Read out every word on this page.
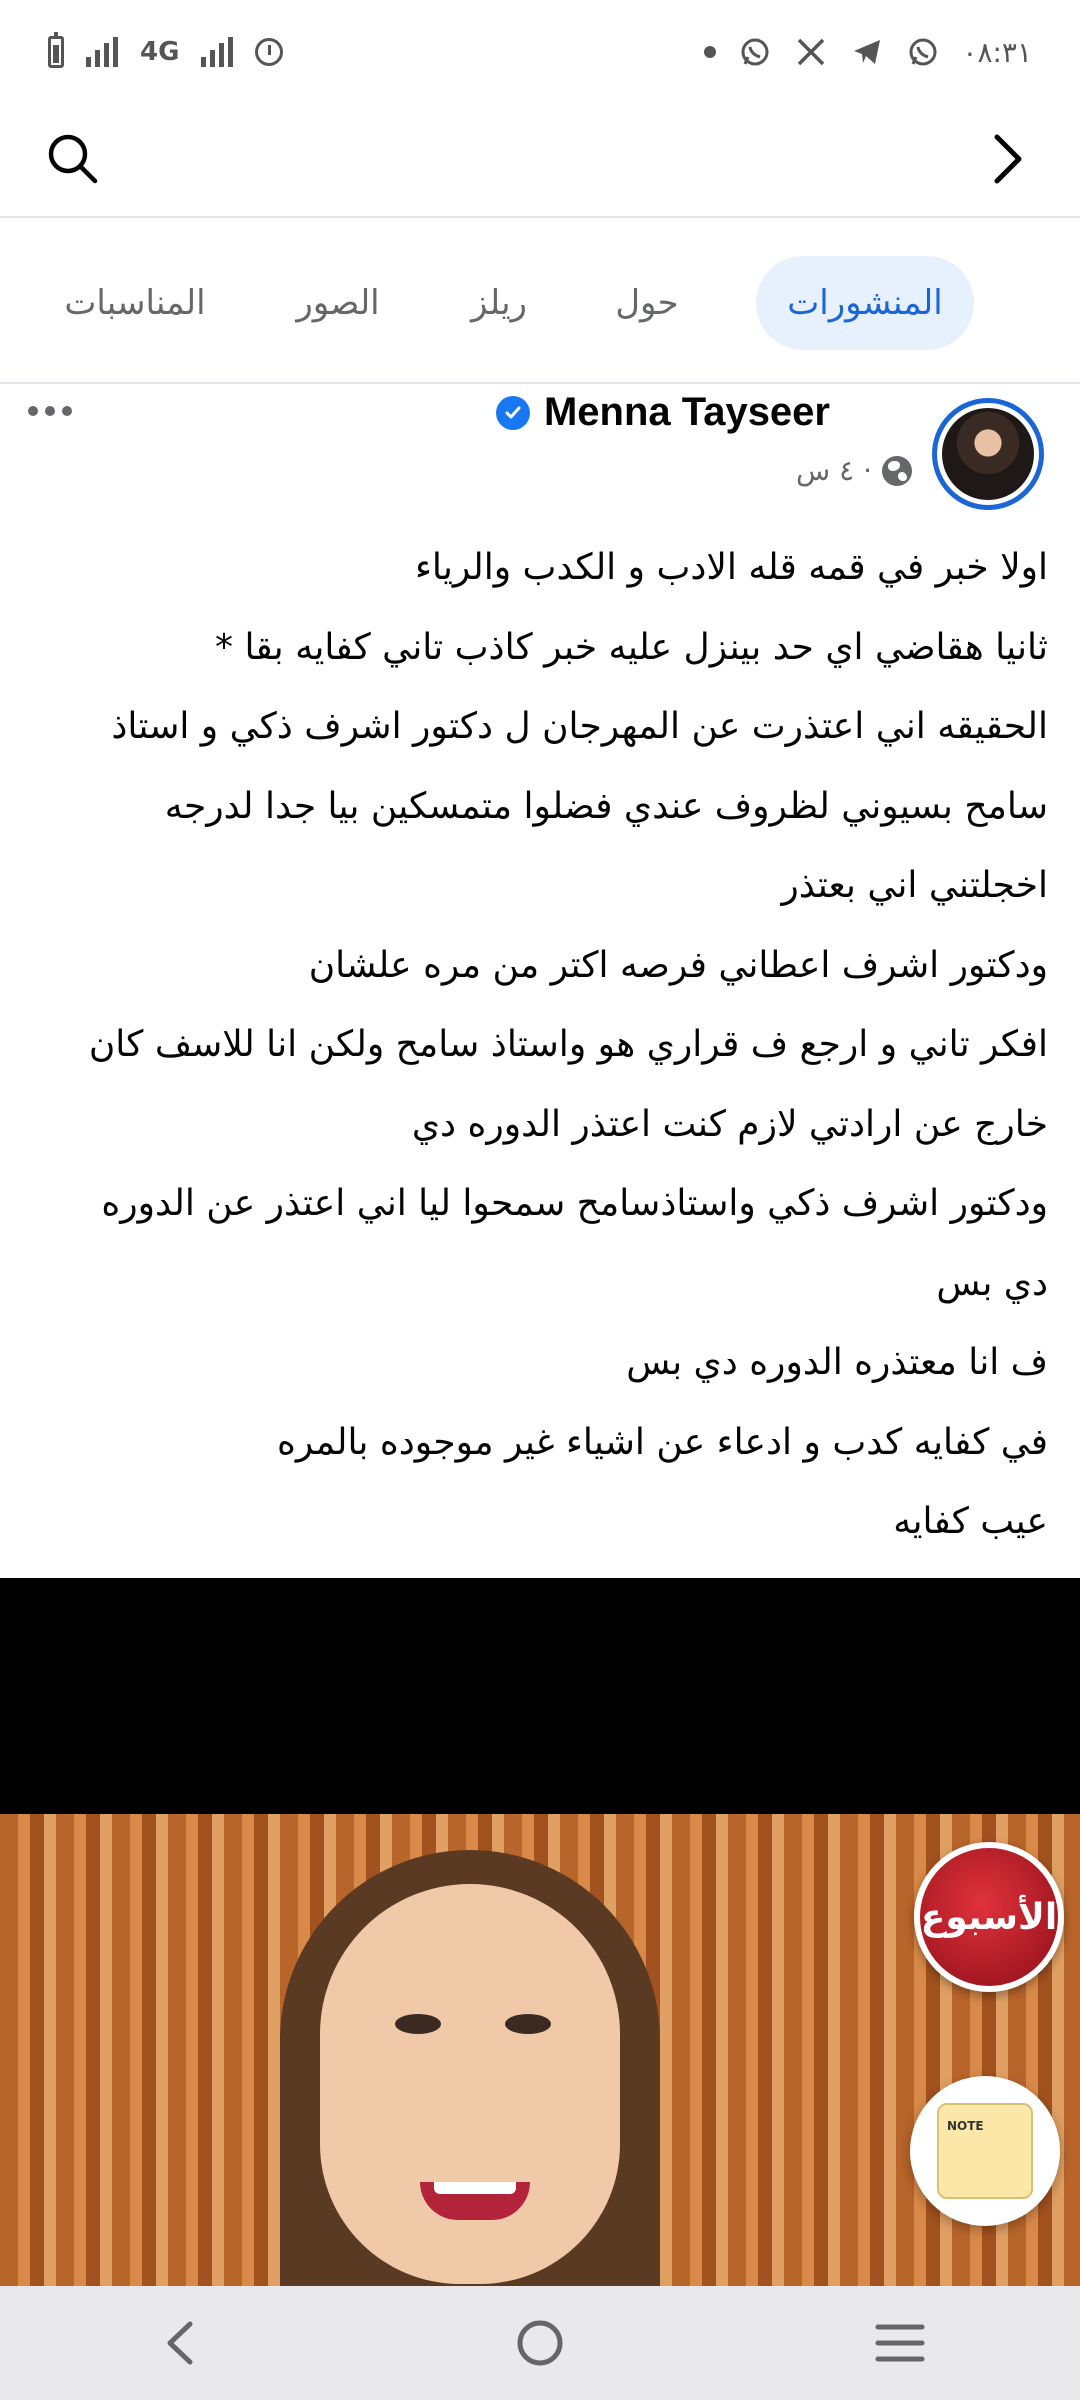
4G	٠٨:٣١
المنشورات
حول
ريلز
الصور
المناسبات
Menna Tayseer
٤ س ·
اولا خبر في قمه قله الادب و الكدب والرياء
ثانيا هقاضي اي حد بينزل عليه خبر كاذب تاني كفايه بقا *
الحقيقه اني اعتذرت عن المهرجان ل دكتور اشرف ذكي و استاذ
سامح بسيوني لظروف عندي فضلوا متمسكين بيا جدا لدرجه
اخجلتني اني بعتذر
ودكتور اشرف اعطاني فرصه اكتر من مره علشان
افكر تاني و ارجع ف قراري هو واستاذ سامح ولكن انا للاسف كان
خارج عن ارادتي لازم كنت اعتذر الدوره دي
ودكتور اشرف ذكي واستاذسامح سمحوا ليا اني اعتذر عن الدوره
دي بس
ف انا معتذره الدوره دي بس
في كفايه كدب و ادعاء عن اشياء غير موجوده بالمره
عيب كفايه
الأسبوع
NOTE
